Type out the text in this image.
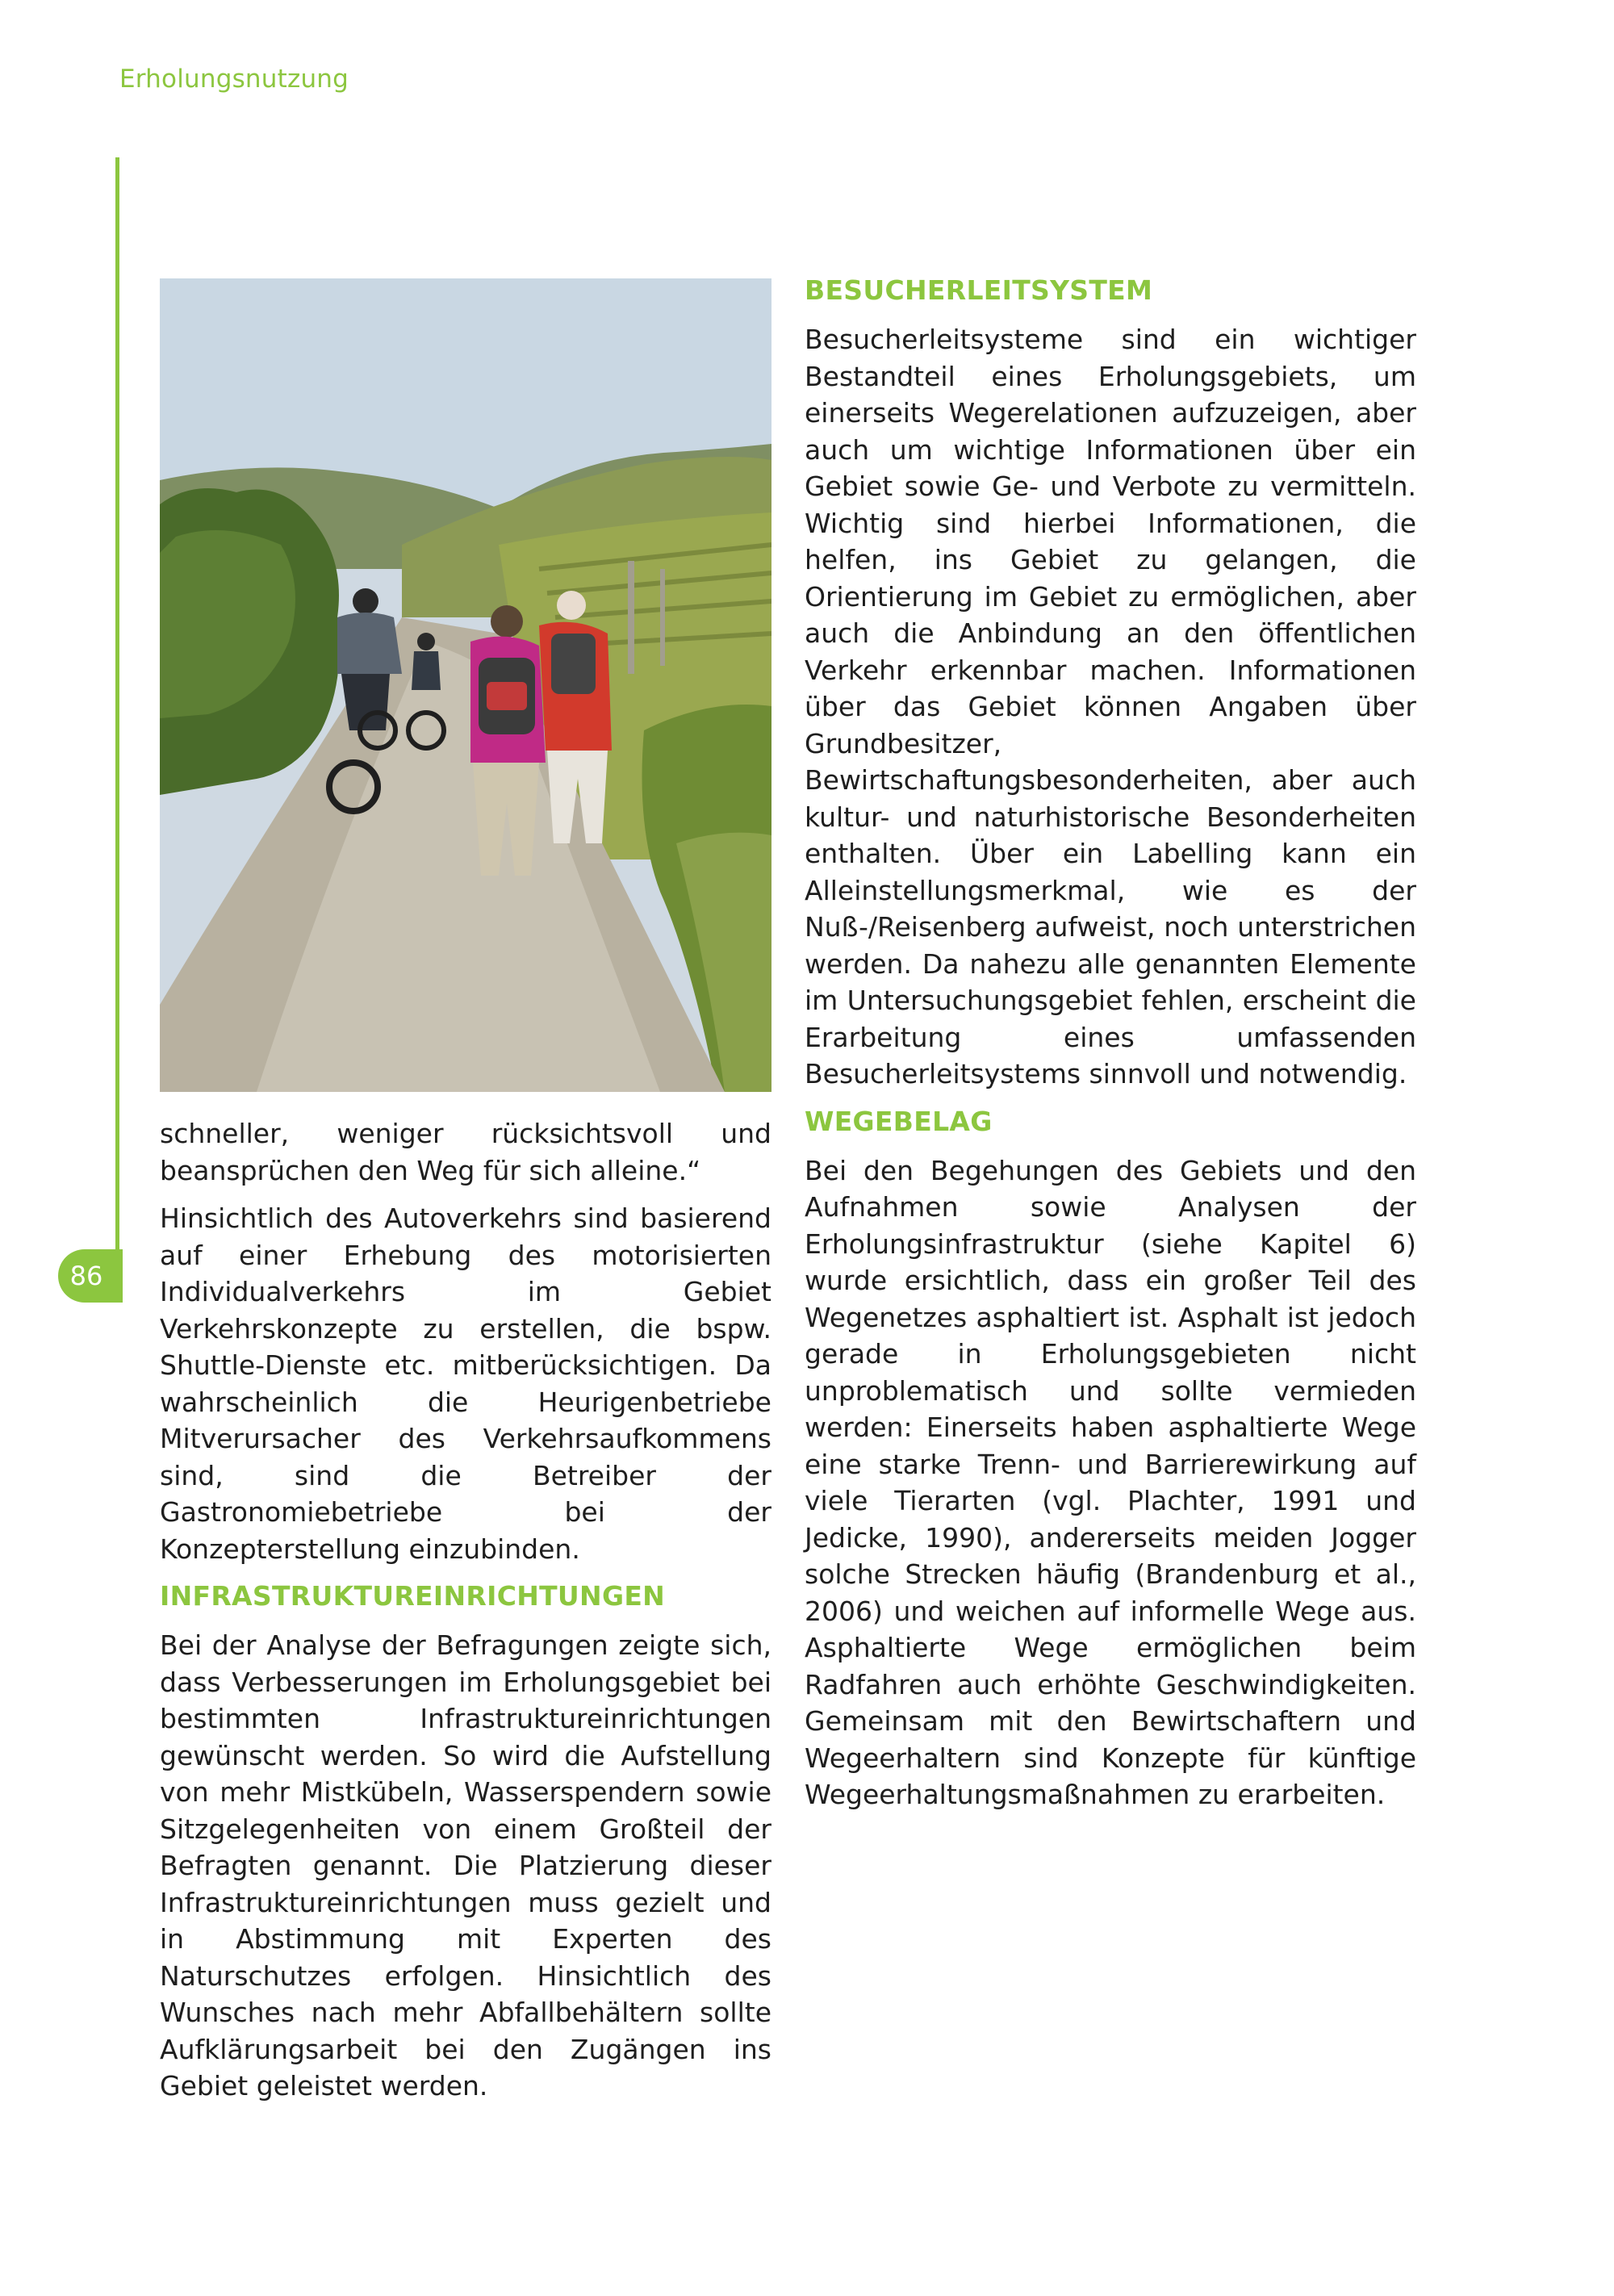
Erholungsnutzung
86

schneller, weniger rücksichtsvoll und beansprüchen den Weg für sich alleine.“

Hinsichtlich des Autoverkehrs sind basierend auf einer Erhebung des motorisierten Individualverkehrs im Gebiet Verkehrskonzepte zu erstellen, die bspw. Shuttle-Dienste etc. mitberücksichtigen. Da wahrscheinlich die Heurigenbetriebe Mitverursacher des Verkehrsaufkommens sind, sind die Betreiber der Gastronomiebetriebe bei der Konzepterstellung einzubinden.

INFRASTRUKTUREINRICHTUNGEN

Bei der Analyse der Befragungen zeigte sich, dass Verbesserungen im Erholungsgebiet bei bestimmten Infrastruktureinrichtungen gewünscht werden. So wird die Aufstellung von mehr Mistkübeln, Wasserspendern sowie Sitzgelegenheiten von einem Großteil der Befragten genannt. Die Platzierung dieser Infrastruktureinrichtungen muss gezielt und in Abstimmung mit Experten des Naturschutzes erfolgen. Hinsichtlich des Wunsches nach mehr Abfallbehältern sollte Aufklärungsarbeit bei den Zugängen ins Gebiet geleistet werden.

BESUCHERLEITSYSTEM

Besucherleitsysteme sind ein wichtiger Bestandteil eines Erholungsgebiets, um einerseits Wegerelationen aufzuzeigen, aber auch um wichtige Informationen über ein Gebiet sowie Ge- und Verbote zu vermitteln. Wichtig sind hierbei Informationen, die helfen, ins Gebiet zu gelangen, die Orientierung im Gebiet zu ermöglichen, aber auch die Anbindung an den öffentlichen Verkehr erkennbar machen. Informationen über das Gebiet können Angaben über Grundbesitzer, Bewirtschaftungsbesonderheiten, aber auch kultur- und naturhistorische Besonderheiten enthalten. Über ein Labelling kann ein Alleinstellungsmerkmal, wie es der Nuß-/Reisenberg aufweist, noch unterstrichen werden. Da nahezu alle genannten Elemente im Untersuchungsgebiet fehlen, erscheint die Erarbeitung eines umfassenden Besucherleitsystems sinnvoll und notwendig.

WEGEBELAG

Bei den Begehungen des Gebiets und den Aufnahmen sowie Analysen der Erholungsinfrastruktur (siehe Kapitel 6) wurde ersichtlich, dass ein großer Teil des Wegenetzes asphaltiert ist. Asphalt ist jedoch gerade in Erholungsgebieten nicht unproblematisch und sollte vermieden werden: Einerseits haben asphaltierte Wege eine starke Trenn- und Barrierewirkung auf viele Tierarten (vgl. Plachter, 1991 und Jedicke, 1990), andererseits meiden Jogger solche Strecken häufig (Brandenburg et al., 2006) und weichen auf informelle Wege aus. Asphaltierte Wege ermöglichen beim Radfahren auch erhöhte Geschwindigkeiten. Gemeinsam mit den Bewirtschaftern und Wegeerhaltern sind Konzepte für künftige Wegeerhaltungsmaßnahmen zu erarbeiten.
